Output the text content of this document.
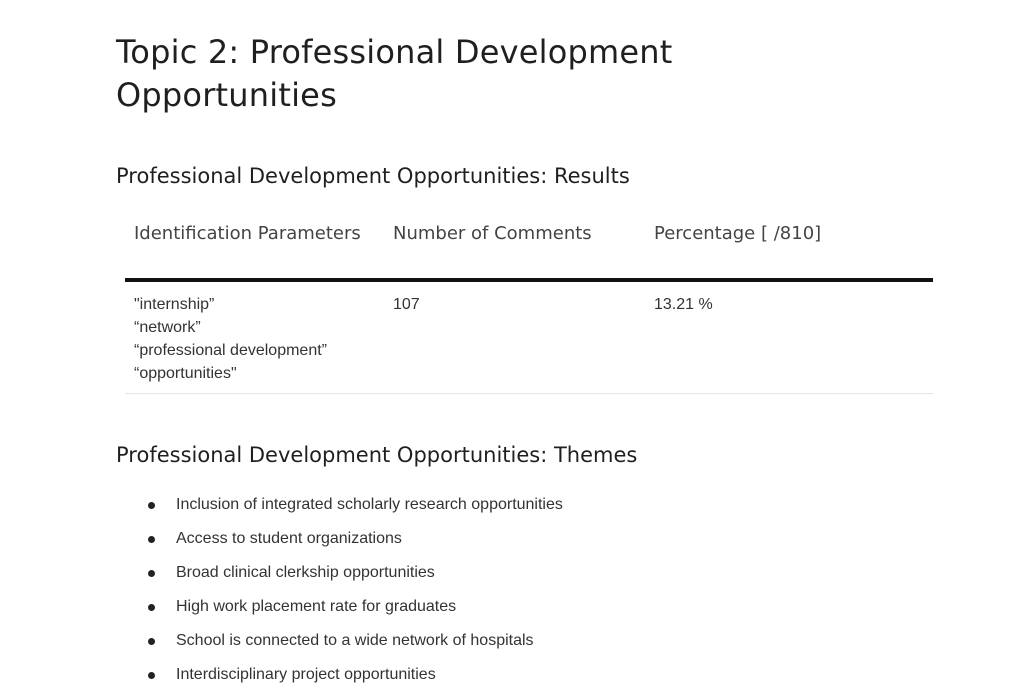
Topic 2: Professional Development Opportunities
Professional Development Opportunities: Results
Identification Parameters	Number of Comments	Percentage [ /810]

"internship”
“network”
“professional development”
“opportunities"	107	13.21 %
Professional Development Opportunities: Themes
Inclusion of integrated scholarly research opportunities
Access to student organizations
Broad clinical clerkship opportunities
High work placement rate for graduates
School is connected to a wide network of hospitals
Interdisciplinary project opportunities
